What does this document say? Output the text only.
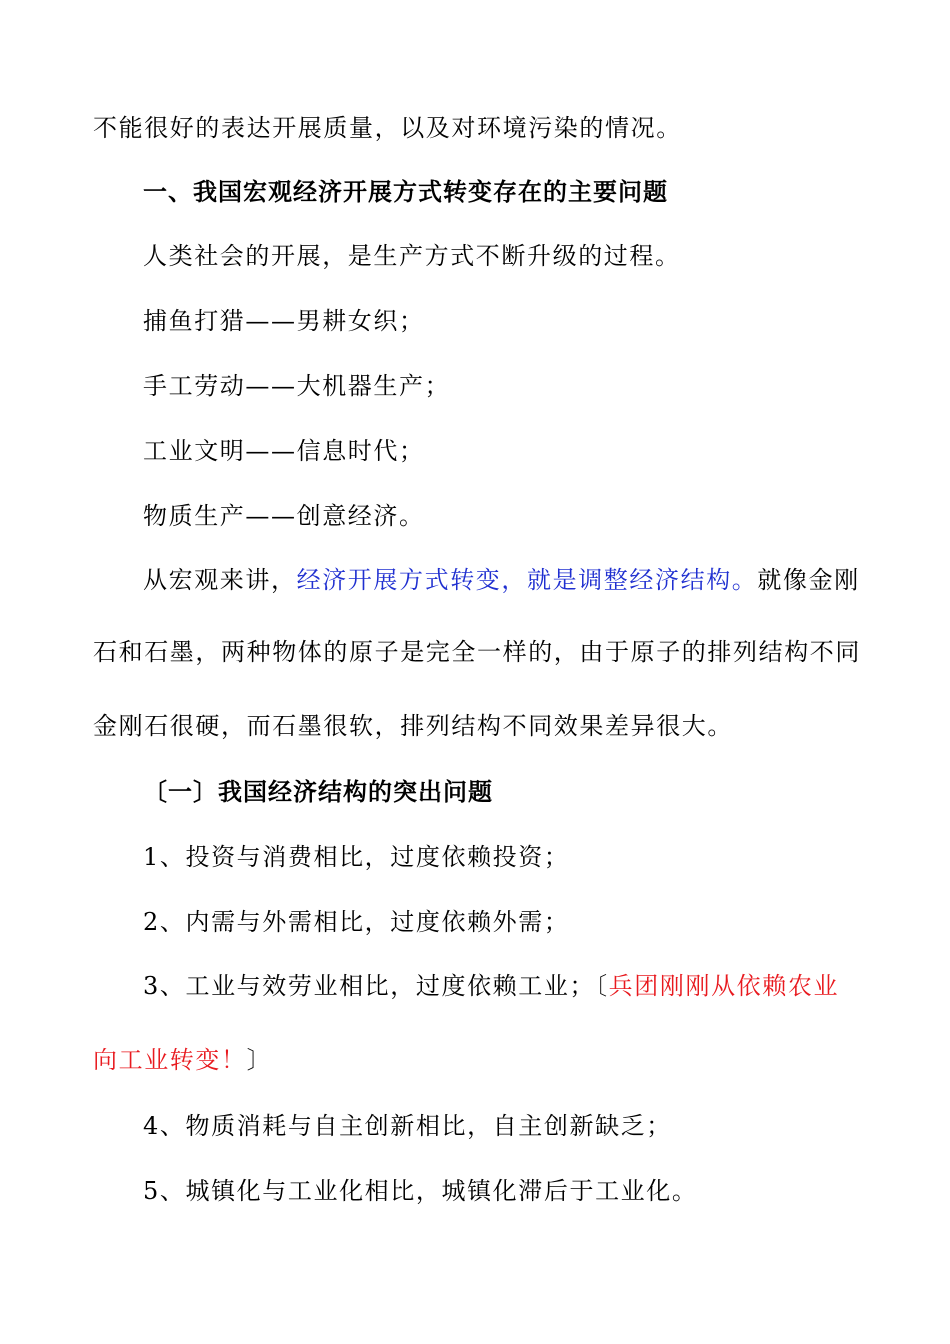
不能很好的表达开展质量，以及对环境污染的情况。
一、我国宏观经济开展方式转变存在的主要问题
人类社会的开展，是生产方式不断升级的过程。
捕鱼打猎——男耕女织；
手工劳动——大机器生产；
工业文明——信息时代；
物质生产——创意经济。
从宏观来讲，经济开展方式转变，就是调整经济结构。就像金刚
石和石墨，两种物体的原子是完全一样的，由于原子的排列结构不同
金刚石很硬，而石墨很软，排列结构不同效果差异很大。
〔一〕我国经济结构的突出问题
1、投资与消费相比，过度依赖投资；
2、内需与外需相比，过度依赖外需；
3、工业与效劳业相比，过度依赖工业；〔兵团刚刚从依赖农业
向工业转变！〕
4、物质消耗与自主创新相比，自主创新缺乏；
5、城镇化与工业化相比，城镇化滞后于工业化。
